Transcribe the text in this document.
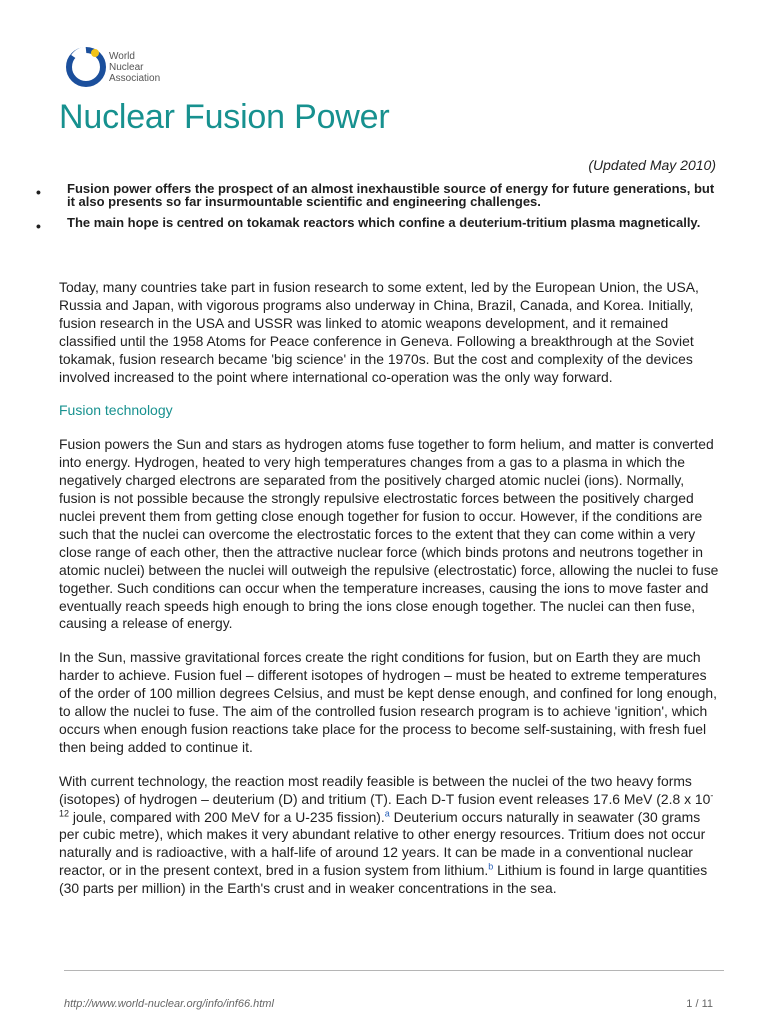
World
Nuclear
Association
Nuclear Fusion Power
(Updated May 2010)
• Fusion power offers the prospect of an almost inexhaustible source of energy for future generations, but it also presents so far insurmountable scientific and engineering challenges.
• The main hope is centred on tokamak reactors which confine a deuterium-tritium plasma magnetically.

Today, many countries take part in fusion research to some extent, led by the European Union, the USA, Russia and Japan, with vigorous programs also underway in China, Brazil, Canada, and Korea. Initially, fusion research in the USA and USSR was linked to atomic weapons development, and it remained classified until the 1958 Atoms for Peace conference in Geneva. Following a breakthrough at the Soviet tokamak, fusion research became 'big science' in the 1970s. But the cost and complexity of the devices involved increased to the point where international co-operation was the only way forward.

Fusion technology

Fusion powers the Sun and stars as hydrogen atoms fuse together to form helium, and matter is converted into energy. Hydrogen, heated to very high temperatures changes from a gas to a plasma in which the negatively charged electrons are separated from the positively charged atomic nuclei (ions). Normally, fusion is not possible because the strongly repulsive electrostatic forces between the positively charged nuclei prevent them from getting close enough together for fusion to occur. However, if the conditions are such that the nuclei can overcome the electrostatic forces to the extent that they can come within a very close range of each other, then the attractive nuclear force (which binds protons and neutrons together in atomic nuclei) between the nuclei will outweigh the repulsive (electrostatic) force, allowing the nuclei to fuse together. Such conditions can occur when the temperature increases, causing the ions to move faster and eventually reach speeds high enough to bring the ions close enough together. The nuclei can then fuse, causing a release of energy.

In the Sun, massive gravitational forces create the right conditions for fusion, but on Earth they are much harder to achieve. Fusion fuel – different isotopes of hydrogen – must be heated to extreme temperatures of the order of 100 million degrees Celsius, and must be kept dense enough, and confined for long enough, to allow the nuclei to fuse. The aim of the controlled fusion research program is to achieve 'ignition', which occurs when enough fusion reactions take place for the process to become self-sustaining, with fresh fuel then being added to continue it.

With current technology, the reaction most readily feasible is between the nuclei of the two heavy forms (isotopes) of hydrogen – deuterium (D) and tritium (T). Each D-T fusion event releases 17.6 MeV (2.8 x $10^{-12}$ joule, compared with 200 MeV for a U-235 fission).$^a$ Deuterium occurs naturally in seawater (30 grams per cubic metre), which makes it very abundant relative to other energy resources. Tritium does not occur naturally and is radioactive, with a half-life of around 12 years. It can be made in a conventional nuclear reactor, or in the present context, bred in a fusion system from lithium.$^b$ Lithium is found in large quantities (30 parts per million) in the Earth's crust and in weaker concentrations in the sea.

http://www.world-nuclear.org/info/inf66.html	1 / 11
